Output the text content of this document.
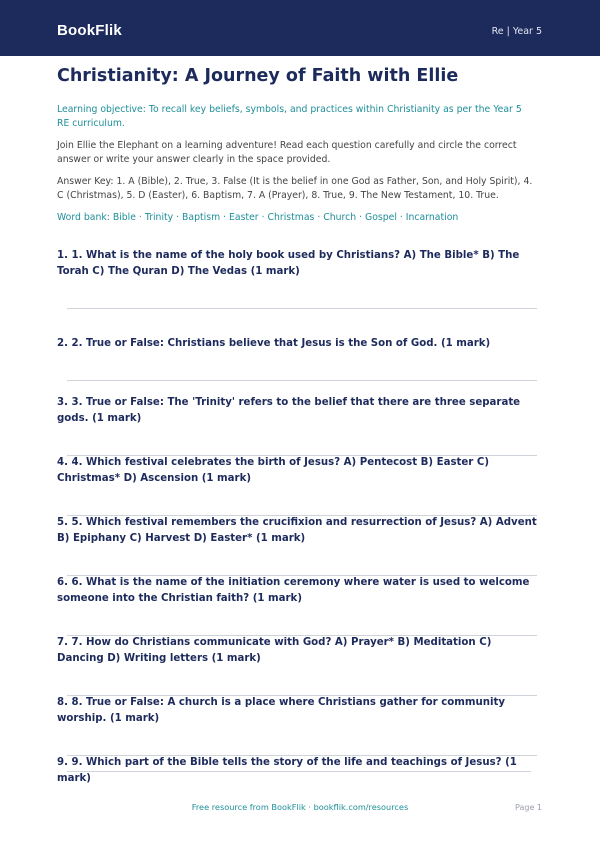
BookFlik	Re | Year 5
Christianity: A Journey of Faith with Ellie

Learning objective: To recall key beliefs, symbols, and practices within Christianity as per the Year 5 RE curriculum.

Join Ellie the Elephant on a learning adventure! Read each question carefully and circle the correct answer or write your answer clearly in the space provided.

Answer Key: 1. A (Bible), 2. True, 3. False (It is the belief in one God as Father, Son, and Holy Spirit), 4. C (Christmas), 5. D (Easter), 6. Baptism, 7. A (Prayer), 8. True, 9. The New Testament, 10. True.

Word bank: Bible · Trinity · Baptism · Easter · Christmas · Church · Gospel · Incarnation

1. 1. What is the name of the holy book used by Christians? A) The Bible* B) The Torah C) The Quran D) The Vedas (1 mark)

2. 2. True or False: Christians believe that Jesus is the Son of God. (1 mark)

3. 3. True or False: The 'Trinity' refers to the belief that there are three separate gods. (1 mark)

4. 4. Which festival celebrates the birth of Jesus? A) Pentecost B) Easter C) Christmas* D) Ascension (1 mark)

5. 5. Which festival remembers the crucifixion and resurrection of Jesus? A) Advent B) Epiphany C) Harvest D) Easter* (1 mark)

6. 6. What is the name of the initiation ceremony where water is used to welcome someone into the Christian faith? (1 mark)

7. 7. How do Christians communicate with God? A) Prayer* B) Meditation C) Dancing D) Writing letters (1 mark)

8. 8. True or False: A church is a place where Christians gather for community worship. (1 mark)

9. 9. Which part of the Bible tells the story of the life and teachings of Jesus? (1 mark)

Free resource from BookFlik · bookflik.com/resources	Page 1
